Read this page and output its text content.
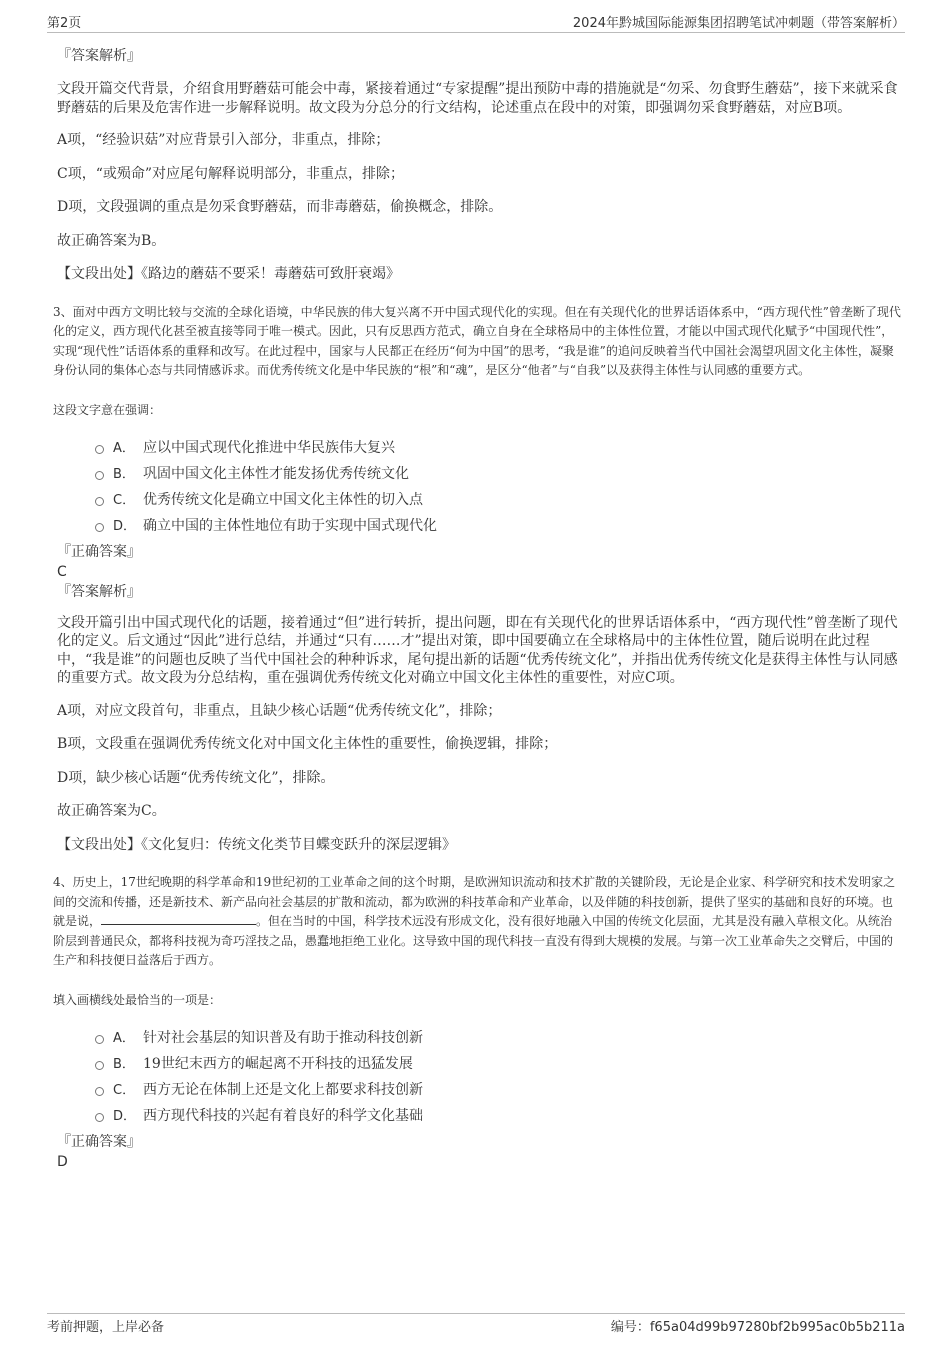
第2页	2024年黔城国际能源集团招聘笔试冲刺题（带答案解析）
『答案解析』

文段开篇交代背景，介绍食用野蘑菇可能会中毒，紧接着通过“专家提醒”提出预防中毒的措施就是“勿采、勿食野生蘑菇”，接下来就采食野蘑菇的后果及危害作进一步解释说明。故文段为分总分的行文结构，论述重点在段中的对策，即强调勿采食野蘑菇，对应B项。

A项，“经验识菇”对应背景引入部分，非重点，排除；

C项，“或殒命”对应尾句解释说明部分，非重点，排除；

D项，文段强调的重点是勿采食野蘑菇，而非毒蘑菇，偷换概念，排除。

故正确答案为B。

【文段出处】《路边的蘑菇不要采！毒蘑菇可致肝衰竭》

3、面对中西方文明比较与交流的全球化语境，中华民族的伟大复兴离不开中国式现代化的实现。但在有关现代化的世界话语体系中，“西方现代性”曾垄断了现代化的定义，西方现代化甚至被直接等同于唯一模式。因此，只有反思西方范式，确立自身在全球格局中的主体性位置，才能以中国式现代化赋予“中国现代性”，实现“现代性”话语体系的重释和改写。在此过程中，国家与人民都正在经历“何为中国”的思考，“我是谁”的追问反映着当代中国社会渴望巩固文化主体性，凝聚身份认同的集体心态与共同情感诉求。而优秀传统文化是中华民族的“根”和“魂”，是区分“他者”与“自我”以及获得主体性与认同感的重要方式。

这段文字意在强调：

A． 应以中国式现代化推进中华民族伟大复兴
B． 巩固中国文化主体性才能发扬优秀传统文化
C． 优秀传统文化是确立中国文化主体性的切入点
D． 确立中国的主体性地位有助于实现中国式现代化
『正确答案』
C
『答案解析』

文段开篇引出中国式现代化的话题，接着通过“但”进行转折，提出问题，即在有关现代化的世界话语体系中，“西方现代性”曾垄断了现代化的定义。后文通过“因此”进行总结，并通过“只有……才”提出对策，即中国要确立在全球格局中的主体性位置，随后说明在此过程中，“我是谁”的问题也反映了当代中国社会的种种诉求，尾句提出新的话题“优秀传统文化”，并指出优秀传统文化是获得主体性与认同感的重要方式。故文段为分总结构，重在强调优秀传统文化对确立中国文化主体性的重要性，对应C项。

A项，对应文段首句，非重点，且缺少核心话题“优秀传统文化”，排除；

B项，文段重在强调优秀传统文化对中国文化主体性的重要性，偷换逻辑，排除；

D项，缺少核心话题“优秀传统文化”，排除。

故正确答案为C。

【文段出处】《文化复归：传统文化类节目蝶变跃升的深层逻辑》

4、历史上，17世纪晚期的科学革命和19世纪初的工业革命之间的这个时期，是欧洲知识流动和技术扩散的关键阶段，无论是企业家、科学研究和技术发明家之间的交流和传播，还是新技术、新产品向社会基层的扩散和流动，都为欧洲的科技革命和产业革命，以及伴随的科技创新，提供了坚实的基础和良好的环境。也就是说，	。但在当时的中国，科学技术远没有形成文化，没有很好地融入中国的传统文化层面，尤其是没有融入草根文化。从统治阶层到普通民众，都将科技视为奇巧淫技之品，愚蠢地拒绝工业化。这导致中国的现代科技一直没有得到大规模的发展。与第一次工业革命失之交臂后，中国的生产和科技便日益落后于西方。

填入画横线处最恰当的一项是：

A． 针对社会基层的知识普及有助于推动科技创新
B． 19世纪末西方的崛起离不开科技的迅猛发展
C． 西方无论在体制上还是文化上都要求科技创新
D． 西方现代科技的兴起有着良好的科学文化基础
『正确答案』
D
考前押题，上岸必备	编号：f65a04d99b97280bf2b995ac0b5b211a
